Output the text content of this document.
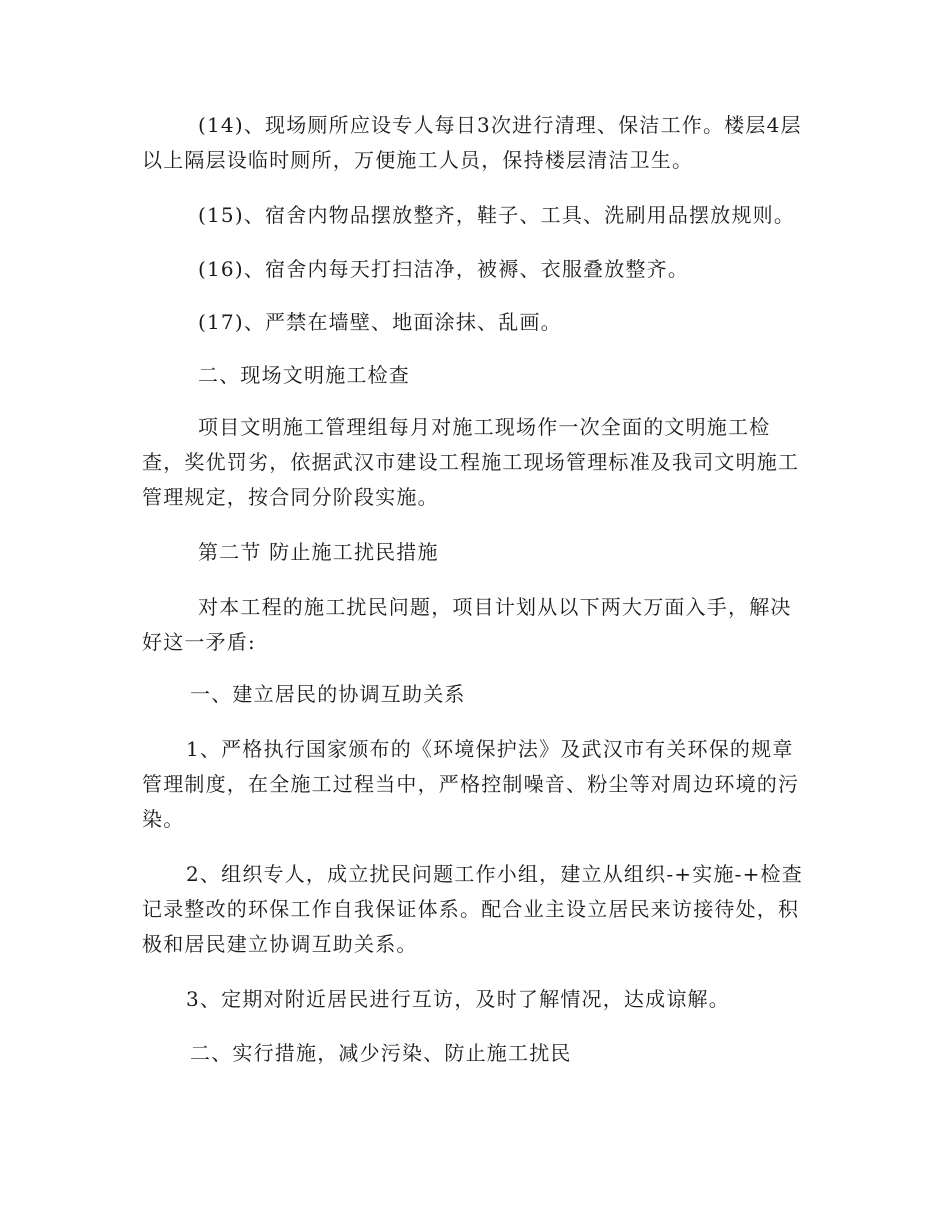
(14)、现场厕所应设专人每日3次进行清理、保洁工作。楼层4层以上隔层设临时厕所，万便施工人员，保持楼层清洁卫生。

(15)、宿舍内物品摆放整齐，鞋子、工具、洗刷用品摆放规则。

(16)、宿舍内每天打扫洁净，被褥、衣服叠放整齐。

(17)、严禁在墙壁、地面涂抹、乱画。

二、现场文明施工检查

项目文明施工管理组每月对施工现场作一次全面的文明施工检查，奖优罚劣，依据武汉市建设工程施工现场管理标准及我司文明施工管理规定，按合同分阶段实施。

第二节 防止施工扰民措施

对本工程的施工扰民问题，项目计划从以下两大万面入手，解决好这一矛盾:

一、建立居民的协调互助关系

1、严格执行国家颁布的《环境保护法》及武汉市有关环保的规章管理制度，在全施工过程当中，严格控制噪音、粉尘等对周边环境的污染。

2、组织专人，成立扰民问题工作小组，建立从组织-+实施-+检查记录整改的环保工作自我保证体系。配合业主设立居民来访接待处，积极和居民建立协调互助关系。

3、定期对附近居民进行互访，及时了解情况，达成谅解。

二、实行措施，减少污染、防止施工扰民
